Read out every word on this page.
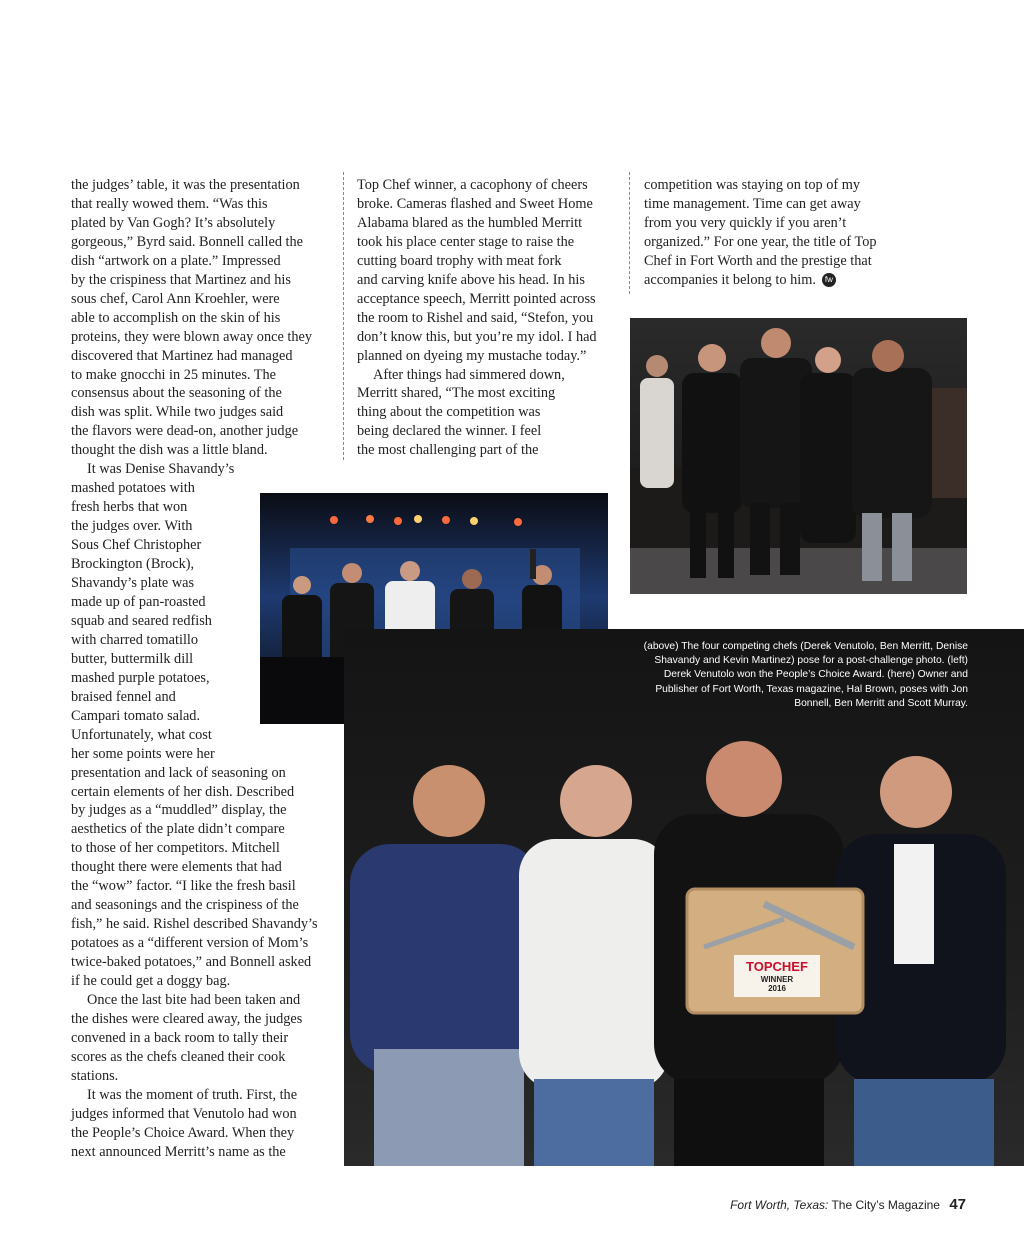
the judges’ table, it was the presentation

that really wowed them. “Was this

plated by Van Gogh? It’s absolutely

gorgeous,” Byrd said. Bonnell called the

dish “artwork on a plate.” Impressed

by the crispiness that Martinez and his

sous chef, Carol Ann Kroehler, were

able to accomplish on the skin of his

proteins, they were blown away once they

discovered that Martinez had managed

to make gnocchi in 25 minutes. The

consensus about the seasoning of the

dish was split. While two judges said

the flavors were dead-on, another judge

thought the dish was a little bland.

It was Denise Shavandy’s

mashed potatoes with

fresh herbs that won

the judges over. With

Sous Chef Christopher

Brockington (Brock),

Shavandy’s plate was

made up of pan-roasted

squab and seared redfish

with charred tomatillo

butter, buttermilk dill

mashed purple potatoes,

braised fennel and

Campari tomato salad.

Unfortunately, what cost

her some points were her

presentation and lack of seasoning on

certain elements of her dish. Described

by judges as a “muddled” display, the

aesthetics of the plate didn’t compare

to those of her competitors. Mitchell

thought there were elements that had

the “wow” factor. “I like the fresh basil

and seasonings and the crispiness of the

fish,” he said. Rishel described Shavandy’s

potatoes as a “different version of Mom’s

twice-baked potatoes,” and Bonnell asked

if he could get a doggy bag.

Once the last bite had been taken and

the dishes were cleared away, the judges

convened in a back room to tally their

scores as the chefs cleaned their cook

stations.

It was the moment of truth. First, the

judges informed that Venutolo had won

the People’s Choice Award. When they

next announced Merritt’s name as the

Top Chef winner, a cacophony of cheers

broke. Cameras flashed and Sweet Home

Alabama blared as the humbled Merritt

took his place center stage to raise the

cutting board trophy with meat fork

and carving knife above his head. In his

acceptance speech, Merritt pointed across

the room to Rishel and said, “Stefon, you

don’t know this, but you’re my idol. I had

planned on dyeing my mustache today.”

After things had simmered down,

Merritt shared, “The most exciting

thing about the competition was

being declared the winner. I feel

the most challenging part of the

competition was staying on top of my

time management. Time can get away

from you very quickly if you aren’t

organized.” For one year, the title of Top

Chef in Fort Worth and the prestige that

accompanies it belong to him. fw

TOPCHEF
WINNER
2016
(above) The four competing chefs (Derek Venutolo, Ben Merritt, Denise
Shavandy and Kevin Martinez) pose for a post-challenge photo. (left)
Derek Venutolo won the People’s Choice Award. (here) Owner and
Publisher of Fort Worth, Texas magazine, Hal Brown, poses with Jon
Bonnell, Ben Merritt and Scott Murray.
Fort Worth, Texas: The City’s Magazine 47
